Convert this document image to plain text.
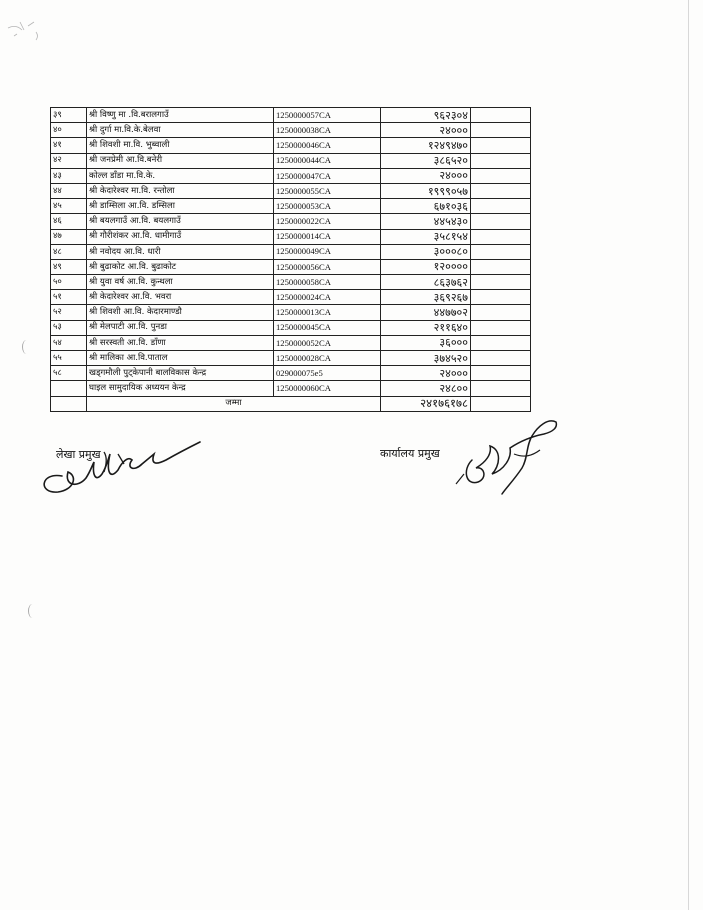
३९	श्री विष्णु मा .वि.बरालगाउँ	1250000057CA	९६२३०४	
४०	श्री दुर्गा मा.वि.के.बेलवा	1250000038CA	२४०००	
४१	श्री शिवशी मा.वि. भुब्वाली	1250000046CA	१२४९४७०	
४२	श्री जनप्रेमी आ.वि.बनेरी	1250000044CA	३८६५२०	
४३	कोल्ल डाँडा मा.वि.के.	1250000047CA	२४०००	
४४	श्री केदारेश्वर मा.वि. रन्तोला	1250000055CA	१९९९०५७	
४५	श्री डाम्सिला आ.वि. डम्सिला	1250000053CA	६७१०३६	
४६	श्री बयलगाउँ आ.वि. बयलगाउँ	1250000022CA	४४५४३०	
४७	श्री गौरीशंकर आ.वि. धामीगाउँ	1250000014CA	३५८१५४	
४८	श्री नवोदय आ.वि. धारी	1250000049CA	३०००८०	
४९	श्री बुढाकोट आ.वि. बुढाकोट	1250000056CA	१२००००	
५०	श्री युवा वर्ष आ.वि. कुन्थला	1250000058CA	८६३७६२	
५१	श्री केदारेश्वर आ.वि. भवरा	1250000024CA	३६९२६७	
५२	श्री शिवशी आ.वि. केदारमाण्डौ	1250000013CA	४४७७०२	
५३	श्री मेलपाटी आ.वि. पुनडा	1250000045CA	२११६४०	
५४	श्री सरस्वती आ.वि. डाँणा	1250000052CA	३६०००	
५५	श्री मालिका आ.वि.पाताल	1250000028CA	३७४५२०	
५८	खड्गमौली पुट्केपानी बालविकास केन्द्र	029000075e5	२४०००	
	घाइल सामुदायिक अध्ययन केन्द्र	1250000060CA	२४८००	
	जम्मा		२४१७६१७८	
लेखा प्रमुख	कार्यालय प्रमुख
